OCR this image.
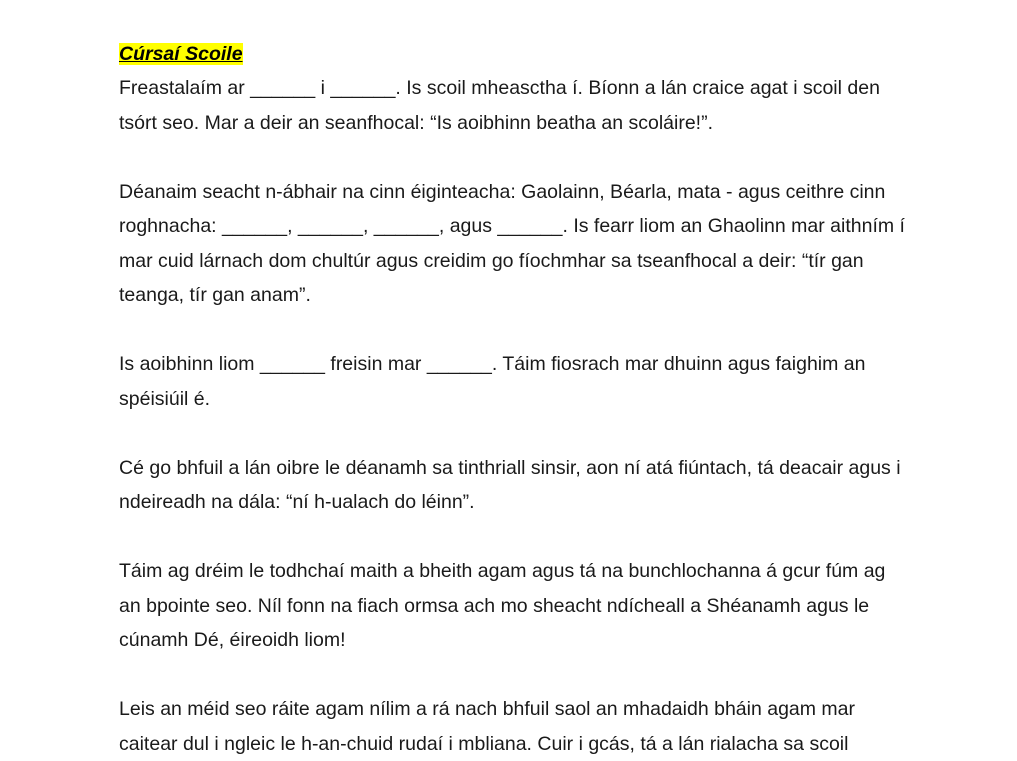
Cúrsaí Scoile

Freastalaím ar ______ i ______. Is scoil mheasctha í. Bíonn a lán craice agat i scoil den tsórt seo. Mar a deir an seanfhocal: “Is aoibhinn beatha an scoláire!”.

Déanaim seacht n-ábhair na cinn éiginteacha: Gaolainn, Béarla, mata - agus ceithre cinn roghnacha: ______, ______, ______, agus ______. Is fearr liom an Ghaolinn mar aithním í mar cuid lárnach dom chultúr agus creidim go fíochmhar sa tseanfhocal a deir: “tír gan teanga, tír gan anam”.

Is aoibhinn liom ______ freisin mar ______. Táim fiosrach mar dhuinn agus faighim an spéisiúil é.

Cé go bhfuil a lán oibre le déanamh sa tinthriall sinsir, aon ní atá fiúntach, tá deacair agus i ndeireadh na dála: “ní h-ualach do léinn”.

Táim ag dréim le todhchaí maith a bheith agam agus tá na bunchlochanna á gcur fúm ag an bpointe seo. Níl fonn na fiach ormsa ach mo sheacht ndícheall a Shéanamh agus le cúnamh Dé, éireoidh liom!

Leis an méid seo ráite agam nílim a rá nach bhfuil saol an mhadaidh bháin agam mar caitear dul i ngleic le h-an-chuid rudaí i mbliana. Cuir i gcás, tá a lán rialacha sa scoil
